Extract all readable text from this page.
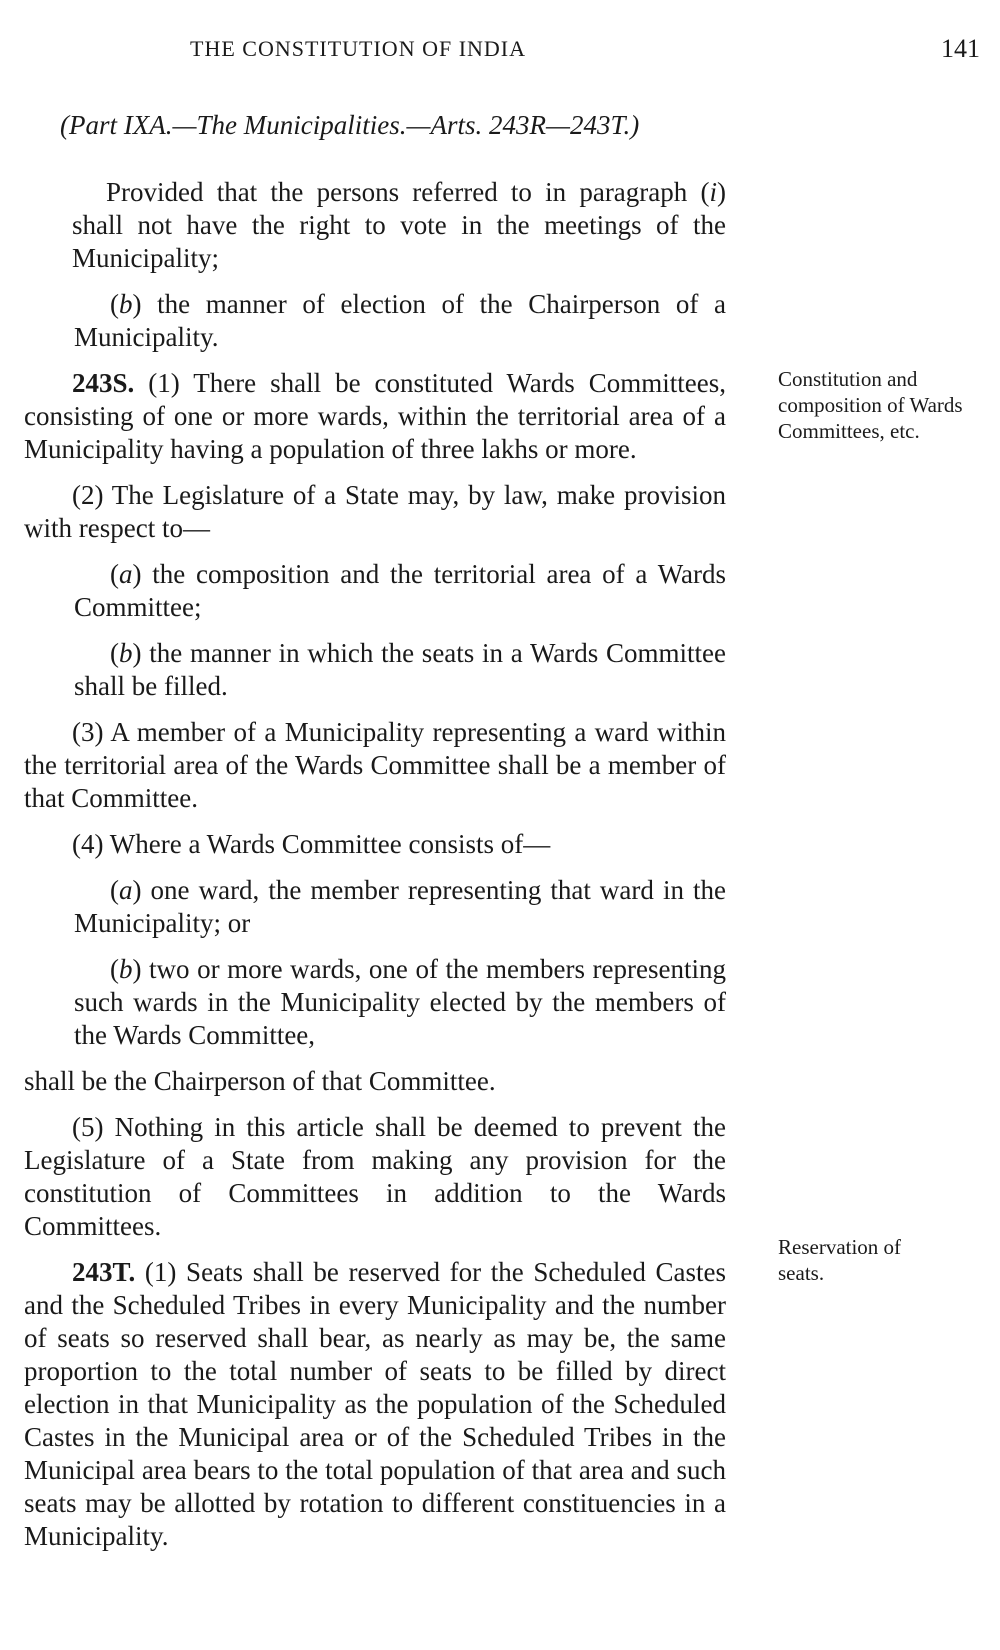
THE CONSTITUTION OF INDIA	141
(Part IXA.—The Municipalities.—Arts. 243R—243T.)

Provided that the persons referred to in paragraph (i) shall not have the right to vote in the meetings of the Municipality;

(b) the manner of election of the Chairperson of a Municipality.

243S. (1) There shall be constituted Wards Committees, consisting of one or more wards, within the territorial area of a Municipality having a population of three lakhs or more.

(2) The Legislature of a State may, by law, make provision with respect to—

(a) the composition and the territorial area of a Wards Committee;

(b) the manner in which the seats in a Wards Committee shall be filled.

(3) A member of a Municipality representing a ward within the territorial area of the Wards Committee shall be a member of that Committee.

(4) Where a Wards Committee consists of—

(a) one ward, the member representing that ward in the Municipality; or

(b) two or more wards, one of the members representing such wards in the Municipality elected by the members of the Wards Committee,

shall be the Chairperson of that Committee.

(5) Nothing in this article shall be deemed to prevent the Legislature of a State from making any provision for the constitution of Committees in addition to the Wards Committees.

243T. (1) Seats shall be reserved for the Scheduled Castes and the Scheduled Tribes in every Municipality and the number of seats so reserved shall bear, as nearly as may be, the same proportion to the total number of seats to be filled by direct election in that Municipality as the population of the Scheduled Castes in the Municipal area or of the Scheduled Tribes in the Municipal area bears to the total population of that area and such seats may be allotted by rotation to different constituencies in a Municipality.

Constitution and composition of Wards Committees, etc.
Reservation of seats.
